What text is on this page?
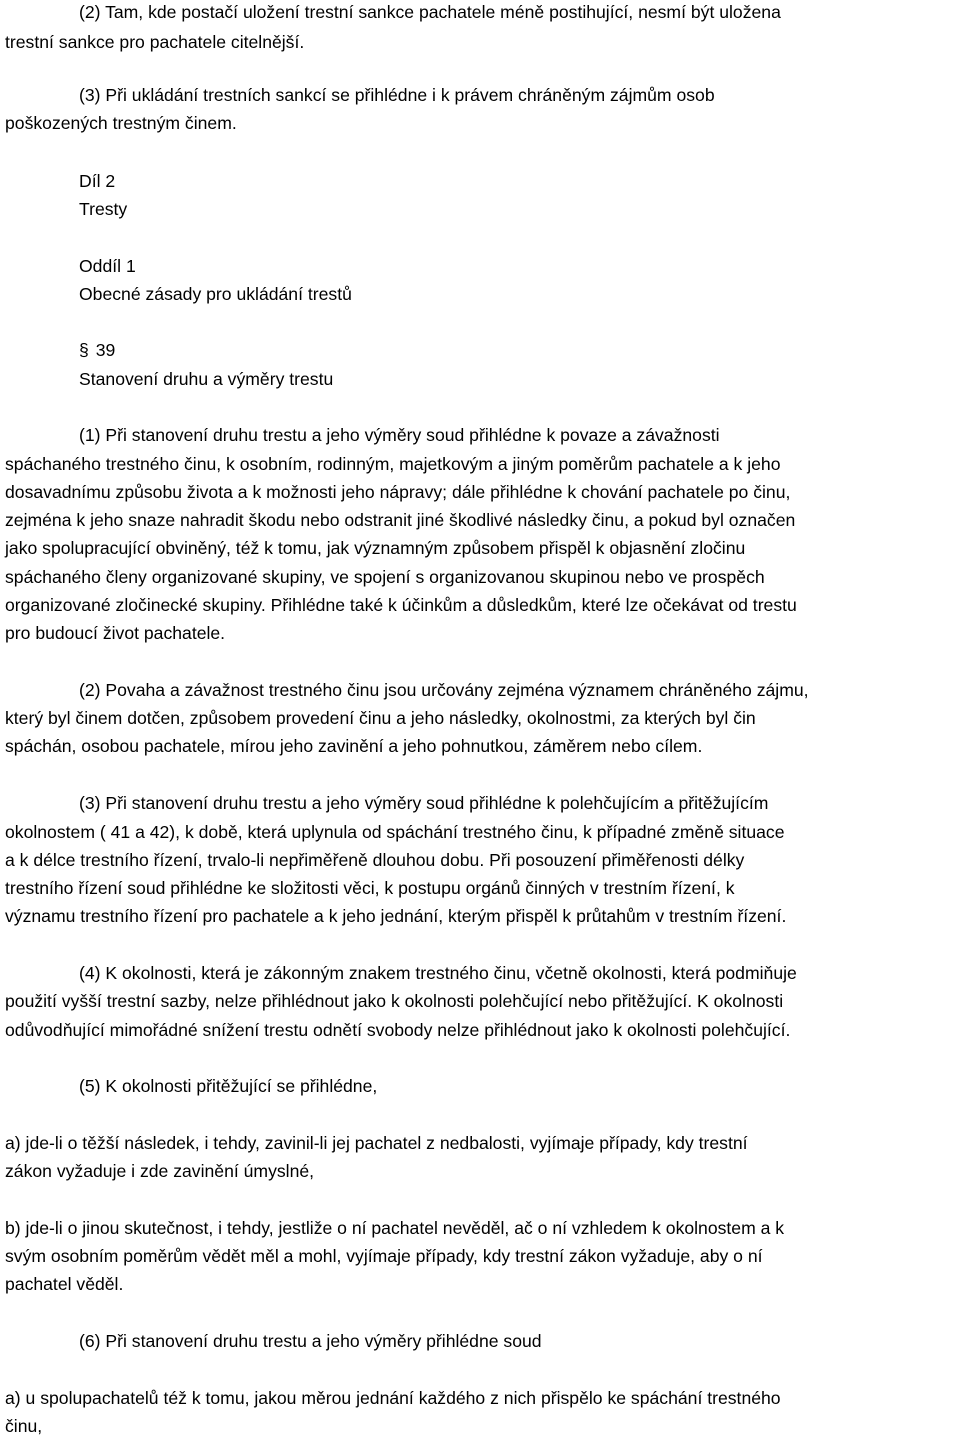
(2) Tam, kde postačí uložení trestní sankce pachatele méně postihující, nesmí být uložena
trestní sankce pro pachatele citelnější.
(3) Při ukládání trestních sankcí se přihlédne i k právem chráněným zájmům osob
poškozených trestným činem.
Díl 2
Tresty
Oddíl 1
Obecné zásady pro ukládání trestů
§ 39
Stanovení druhu a výměry trestu
(1) Při stanovení druhu trestu a jeho výměry soud přihlédne k povaze a závažnosti
spáchaného trestného činu, k osobním, rodinným, majetkovým a jiným poměrům pachatele a k jeho
dosavadnímu způsobu života a k možnosti jeho nápravy; dále přihlédne k chování pachatele po činu,
zejména k jeho snaze nahradit škodu nebo odstranit jiné škodlivé následky činu, a pokud byl označen
jako spolupracující obviněný, též k tomu, jak významným způsobem přispěl k objasnění zločinu
spáchaného členy organizované skupiny, ve spojení s organizovanou skupinou nebo ve prospěch
organizované zločinecké skupiny. Přihlédne také k účinkům a důsledkům, které lze očekávat od trestu
pro budoucí život pachatele.
(2) Povaha a závažnost trestného činu jsou určovány zejména významem chráněného zájmu,
který byl činem dotčen, způsobem provedení činu a jeho následky, okolnostmi, za kterých byl čin
spáchán, osobou pachatele, mírou jeho zavinění a jeho pohnutkou, záměrem nebo cílem.
(3) Při stanovení druhu trestu a jeho výměry soud přihlédne k polehčujícím a přitěžujícím
okolnostem ( 41 a 42), k době, která uplynula od spáchání trestného činu, k případné změně situace
a k délce trestního řízení, trvalo-li nepřiměřeně dlouhou dobu. Při posouzení přiměřenosti délky
trestního řízení soud přihlédne ke složitosti věci, k postupu orgánů činných v trestním řízení, k
významu trestního řízení pro pachatele a k jeho jednání, kterým přispěl k průtahům v trestním řízení.
(4) K okolnosti, která je zákonným znakem trestného činu, včetně okolnosti, která podmiňuje
použití vyšší trestní sazby, nelze přihlédnout jako k okolnosti polehčující nebo přitěžující. K okolnosti
odůvodňující mimořádné snížení trestu odnětí svobody nelze přihlédnout jako k okolnosti polehčující.
(5) K okolnosti přitěžující se přihlédne,
a) jde-li o těžší následek, i tehdy, zavinil-li jej pachatel z nedbalosti, vyjímaje případy, kdy trestní
zákon vyžaduje i zde zavinění úmyslné,
b) jde-li o jinou skutečnost, i tehdy, jestliže o ní pachatel nevěděl, ač o ní vzhledem k okolnostem a k
svým osobním poměrům vědět měl a mohl, vyjímaje případy, kdy trestní zákon vyžaduje, aby o ní
pachatel věděl.
(6) Při stanovení druhu trestu a jeho výměry přihlédne soud
a) u spolupachatelů též k tomu, jakou měrou jednání každého z nich přispělo ke spáchání trestného
činu,
